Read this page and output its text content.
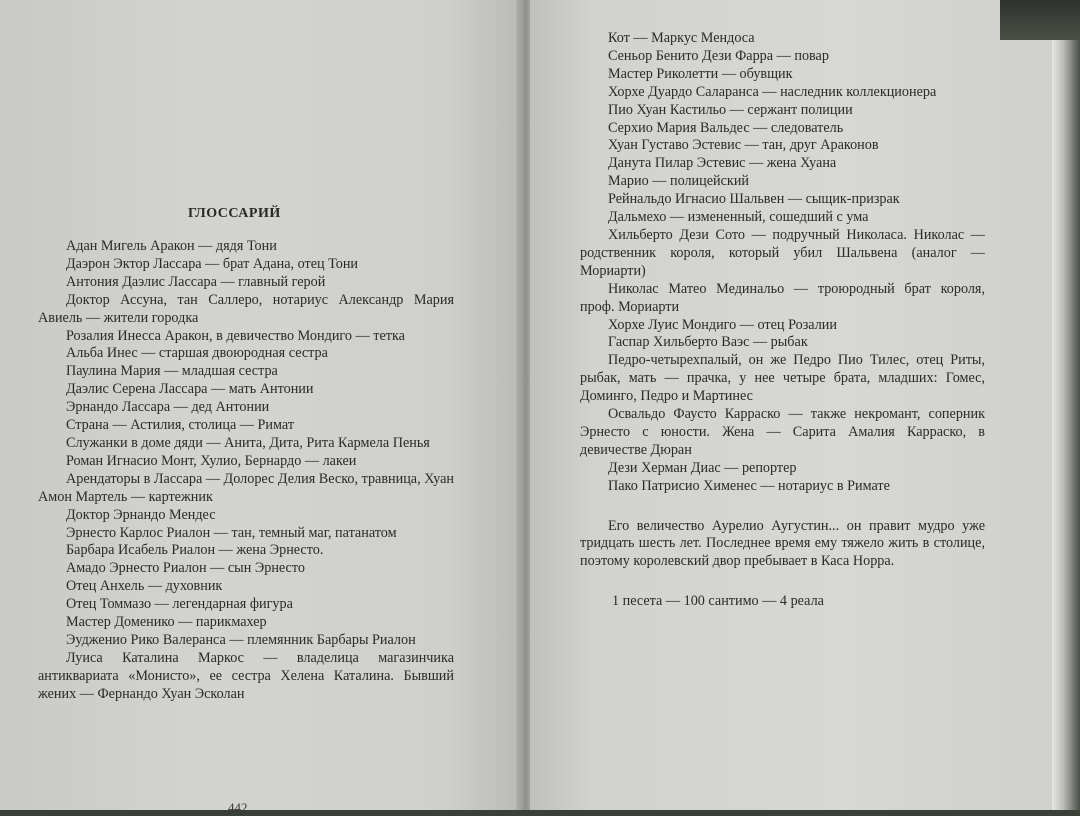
ГЛОССАРИЙ

Адан Мигель Аракон — дядя Тони

Даэрон Эктор Лассара — брат Адана, отец Тони

Антония Даэлис Лассара — главный герой

Доктор Ассуна, тан Саллеро, нотариус Александр Мария Авиель — жители городка

Розалия Инесса Аракон, в девичество Мондиго — тетка

Альба Инес — старшая двоюродная сестра

Паулина Мария — младшая сестра

Даэлис Серена Лассара — мать Антонии

Эрнандо Лассара — дед Антонии

Страна — Астилия, столица — Римат

Служанки в доме дяди — Анита, Дита, Рита Кармела Пенья

Роман Игнасио Монт, Хулио, Бернардо — лакеи

Арендаторы в Лассара — Долорес Делия Веско, травница, Хуан Амон Мартель — картежник

Доктор Эрнандо Мендес

Эрнесто Карлос Риалон — тан, темный маг, патанатом

Барбара Исабель Риалон — жена Эрнесто.

Амадо Эрнесто Риалон — сын Эрнесто

Отец Анхель — духовник

Отец Томмазо — легендарная фигура

Мастер Доменико — парикмахер

Эудженио Рико Валеранса — племянник Барбары Риалон

Луиса Каталина Маркос — владелица магазинчика антиквариата «Монисто», ее сестра Хелена Каталина. Бывший жених — Фернандо Хуан Эсколан

Кот — Маркус Мендоса

Сеньор Бенито Дези Фарра — повар

Мастер Риколетти — обувщик

Хорхе Дуардо Саларанса — наследник коллекционера

Пио Хуан Кастильо — сержант полиции

Серхио Мария Вальдес — следователь

Хуан Густаво Эстевис — тан, друг Араконов

Данута Пилар Эстевис — жена Хуана

Марио — полицейский

Рейнальдо Игнасио Шальвен — сыщик-призрак

Дальмехо — измененный, сошедший с ума

Хильберто Дези Сото — подручный Николаса. Николас — родственник короля, который убил Шальвена (аналог — Мориарти)

Николас Матео Мединальо — троюродный брат короля, проф. Мориарти

Хорхе Луис Мондиго — отец Розалии

Гаспар Хильберто Ваэс — рыбак

Педро-четырехпалый, он же Педро Пио Тилес, отец Риты, рыбак, мать — прачка, у нее четыре брата, младших: Гомес, Доминго, Педро и Мартинес

Освальдо Фаусто Карраско — также некромант, соперник Эрнесто с юности. Жена — Сарита Амалия Карраско, в девичестве Дюран

Дези Херман Диас — репортер

Пако Патрисио Хименес — нотариус в Римате

Его величество Аурелио Аугустин... он правит мудро уже тридцать шесть лет. Последнее время ему тяжело жить в столице, поэтому королевский двор пребывает в Каса Норра.

1 песета — 100 сантимо — 4 реала

442
